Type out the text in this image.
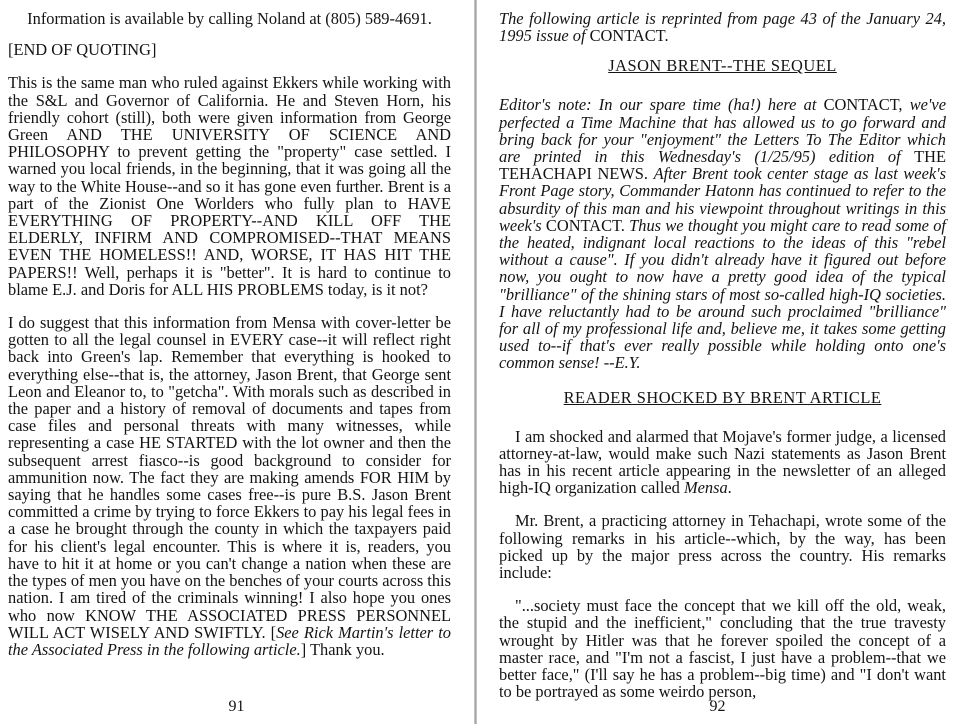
Information is available by calling Noland at (805) 589-4691.

[END OF QUOTING]

This is the same man who ruled against Ekkers while working with the S&L and Governor of California. He and Steven Horn, his friendly cohort (still), both were given information from George Green AND THE UNIVERSITY OF SCIENCE AND PHILOSOPHY to prevent getting the "property" case settled. I warned you local friends, in the beginning, that it was going all the way to the White House--and so it has gone even further. Brent is a part of the Zionist One Worlders who fully plan to HAVE EVERYTHING OF PROPERTY--AND KILL OFF THE ELDERLY, INFIRM AND COMPROMISED--THAT MEANS EVEN THE HOMELESS!! AND, WORSE, IT HAS HIT THE PAPERS!! Well, perhaps it is "better". It is hard to continue to blame E.J. and Doris for ALL HIS PROBLEMS today, is it not?

I do suggest that this information from Mensa with cover-letter be gotten to all the legal counsel in EVERY case--it will reflect right back into Green's lap. Remember that everything is hooked to everything else--that is, the attorney, Jason Brent, that George sent Leon and Eleanor to, to "getcha". With morals such as described in the paper and a history of removal of documents and tapes from case files and personal threats with many witnesses, while representing a case HE STARTED with the lot owner and then the subsequent arrest fiasco--is good background to consider for ammunition now. The fact they are making amends FOR HIM by saying that he handles some cases free--is pure B.S. Jason Brent committed a crime by trying to force Ekkers to pay his legal fees in a case he brought through the county in which the taxpayers paid for his client's legal encounter. This is where it is, readers, you have to hit it at home or you can't change a nation when these are the types of men you have on the benches of your courts across this nation. I am tired of the criminals winning! I also hope you ones who now KNOW THE ASSOCIATED PRESS PERSONNEL WILL ACT WISELY AND SWIFTLY. [See Rick Martin's letter to the Associated Press in the following article.] Thank you.

91

The following article is reprinted from page 43 of the January 24, 1995 issue of CONTACT.

JASON BRENT--THE SEQUEL

Editor's note: In our spare time (ha!) here at CONTACT, we've perfected a Time Machine that has allowed us to go forward and bring back for your "enjoyment" the Letters To The Editor which are printed in this Wednesday's (1/25/95) edition of THE TEHACHAPI NEWS. After Brent took center stage as last week's Front Page story, Commander Hatonn has continued to refer to the absurdity of this man and his viewpoint throughout writings in this week's CONTACT. Thus we thought you might care to read some of the heated, indignant local reactions to the ideas of this "rebel without a cause". If you didn't already have it figured out before now, you ought to now have a pretty good idea of the typical "brilliance" of the shining stars of most so-called high-IQ societies. I have reluctantly had to be around such proclaimed "brilliance" for all of my professional life and, believe me, it takes some getting used to--if that's ever really possible while holding onto one's common sense! --E.Y.

READER SHOCKED BY BRENT ARTICLE

I am shocked and alarmed that Mojave's former judge, a licensed attorney-at-law, would make such Nazi statements as Jason Brent has in his recent article appearing in the newsletter of an alleged high-IQ organization called Mensa.

Mr. Brent, a practicing attorney in Tehachapi, wrote some of the following remarks in his article--which, by the way, has been picked up by the major press across the country. His remarks include:

"...society must face the concept that we kill off the old, weak, the stupid and the inefficient," concluding that the true travesty wrought by Hitler was that he forever spoiled the concept of a master race, and "I'm not a fascist, I just have a problem--that we better face," (I'll say he has a problem--big time) and "I don't want to be portrayed as some weirdo person,

92
